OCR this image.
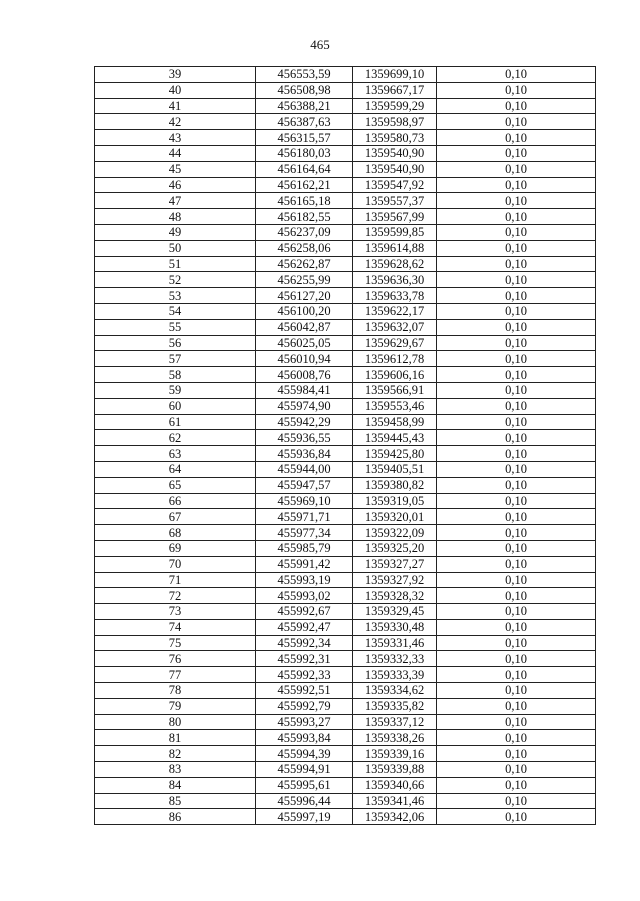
465
39	456553,59	1359699,10	0,10
40	456508,98	1359667,17	0,10
41	456388,21	1359599,29	0,10
42	456387,63	1359598,97	0,10
43	456315,57	1359580,73	0,10
44	456180,03	1359540,90	0,10
45	456164,64	1359540,90	0,10
46	456162,21	1359547,92	0,10
47	456165,18	1359557,37	0,10
48	456182,55	1359567,99	0,10
49	456237,09	1359599,85	0,10
50	456258,06	1359614,88	0,10
51	456262,87	1359628,62	0,10
52	456255,99	1359636,30	0,10
53	456127,20	1359633,78	0,10
54	456100,20	1359622,17	0,10
55	456042,87	1359632,07	0,10
56	456025,05	1359629,67	0,10
57	456010,94	1359612,78	0,10
58	456008,76	1359606,16	0,10
59	455984,41	1359566,91	0,10
60	455974,90	1359553,46	0,10
61	455942,29	1359458,99	0,10
62	455936,55	1359445,43	0,10
63	455936,84	1359425,80	0,10
64	455944,00	1359405,51	0,10
65	455947,57	1359380,82	0,10
66	455969,10	1359319,05	0,10
67	455971,71	1359320,01	0,10
68	455977,34	1359322,09	0,10
69	455985,79	1359325,20	0,10
70	455991,42	1359327,27	0,10
71	455993,19	1359327,92	0,10
72	455993,02	1359328,32	0,10
73	455992,67	1359329,45	0,10
74	455992,47	1359330,48	0,10
75	455992,34	1359331,46	0,10
76	455992,31	1359332,33	0,10
77	455992,33	1359333,39	0,10
78	455992,51	1359334,62	0,10
79	455992,79	1359335,82	0,10
80	455993,27	1359337,12	0,10
81	455993,84	1359338,26	0,10
82	455994,39	1359339,16	0,10
83	455994,91	1359339,88	0,10
84	455995,61	1359340,66	0,10
85	455996,44	1359341,46	0,10
86	455997,19	1359342,06	0,10
